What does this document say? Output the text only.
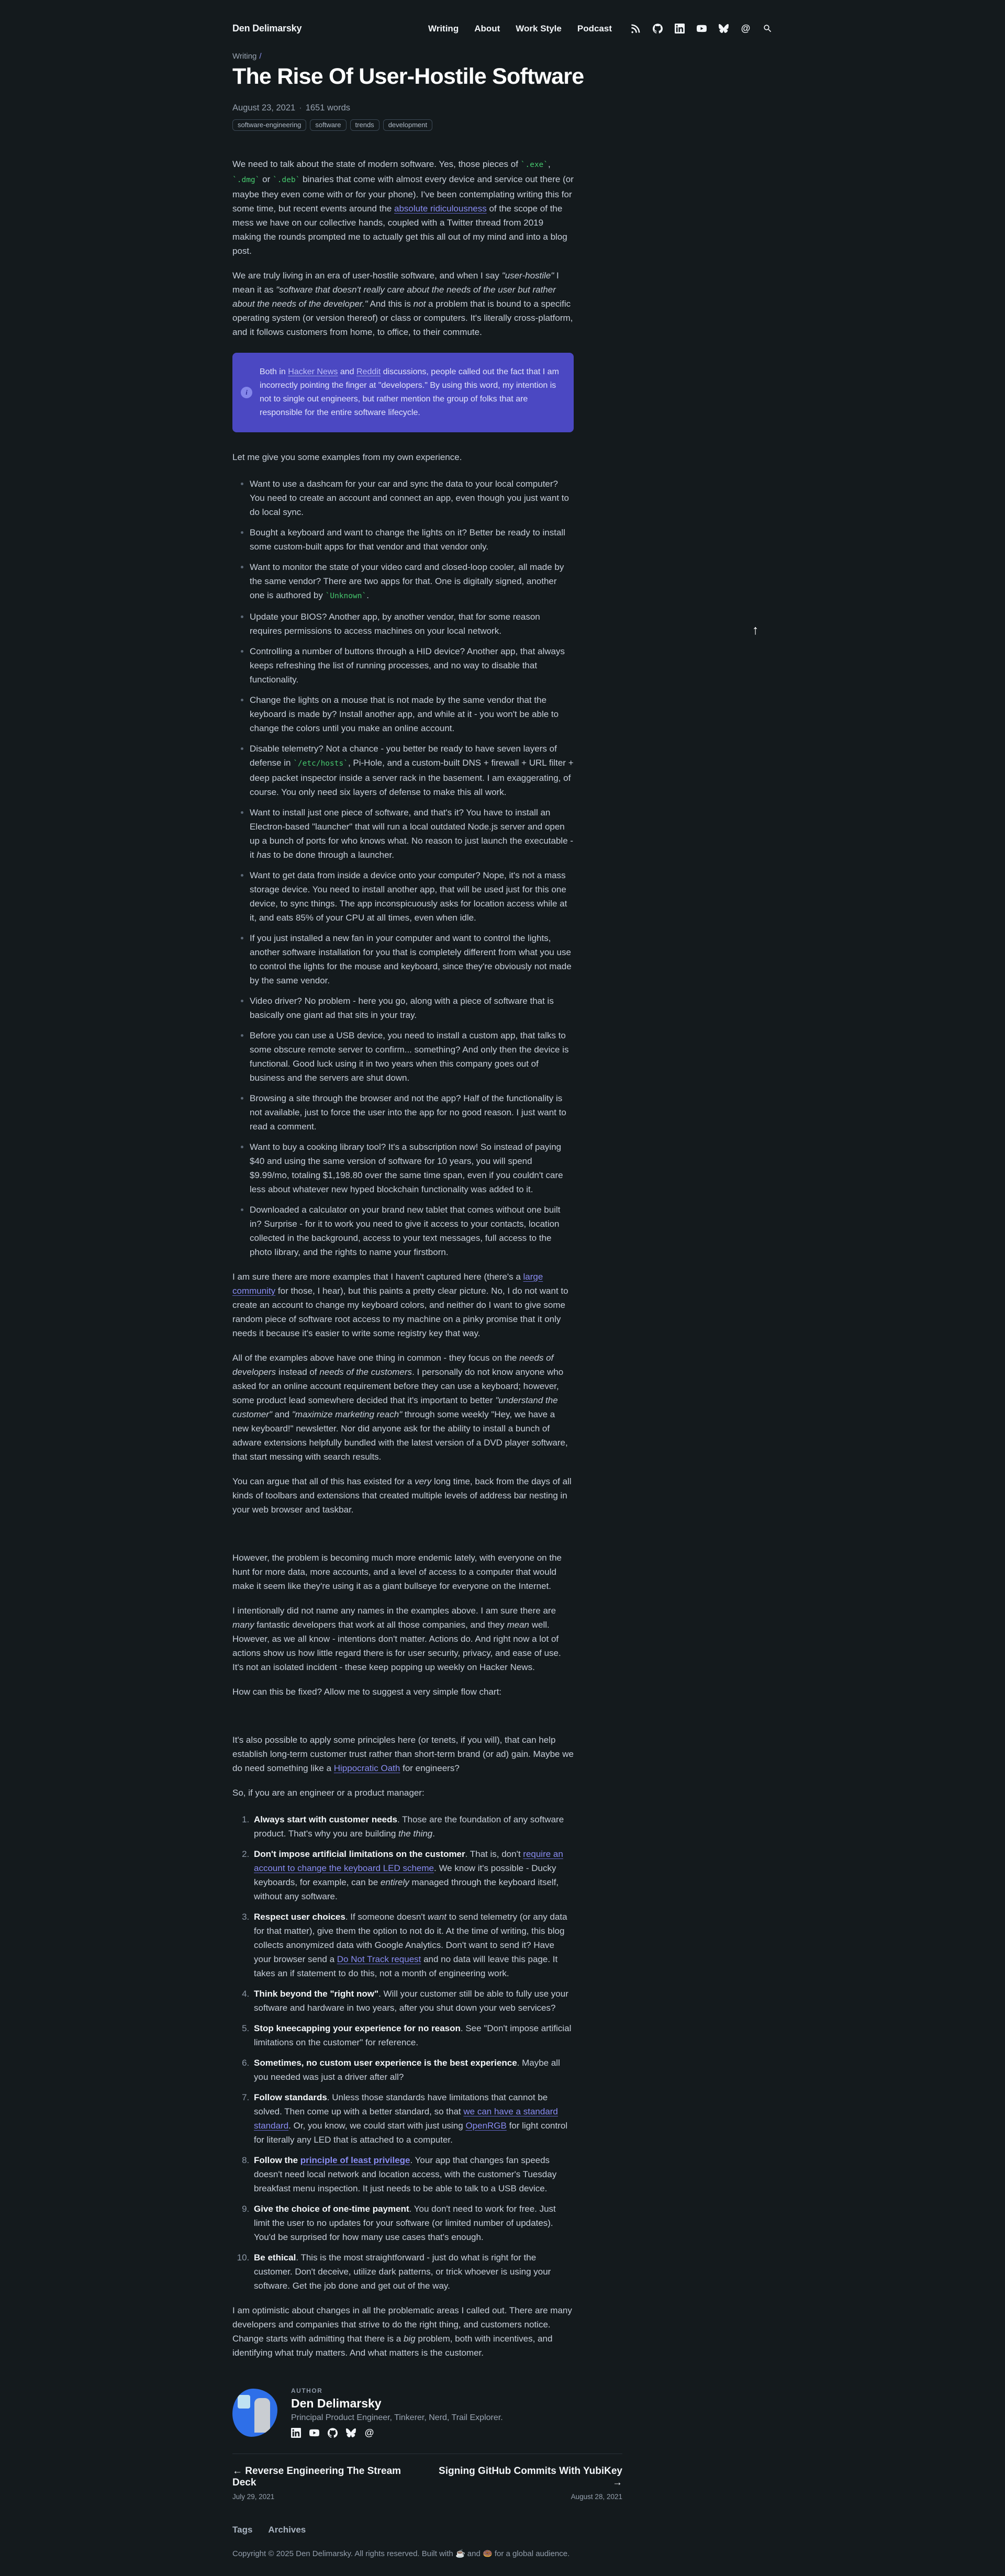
Den Delimarsky	Writing About Work Style Podcast	@
Writing /
The Rise Of User-Hostile Software
August 23, 2021 · 1651 words
software-engineering	software	trends	development

We need to talk about the state of modern software. Yes, those pieces of `.exe`, `.dmg` or `.deb` binaries that come with almost every device and service out there (or maybe they even come with or for your phone). I've been contemplating writing this for some time, but recent events around the absolute ridiculousness of the scope of the mess we have on our collective hands, coupled with a Twitter thread from 2019 making the rounds prompted me to actually get this all out of my mind and into a blog post.

We are truly living in an era of user-hostile software, and when I say "user-hostile" I mean it as "software that doesn't really care about the needs of the user but rather about the needs of the developer." And this is not a problem that is bound to a specific operating system (or version thereof) or class or computers. It's literally cross-platform, and it follows customers from home, to office, to their commute.

i
Both in Hacker News and Reddit discussions, people called out the fact that I am incorrectly pointing the finger at "developers." By using this word, my intention is not to single out engineers, but rather mention the group of folks that are responsible for the entire software lifecycle.

Let me give you some examples from my own experience.

Want to use a dashcam for your car and sync the data to your local computer? You need to create an account and connect an app, even though you just want to do local sync.
Bought a keyboard and want to change the lights on it? Better be ready to install some custom-built apps for that vendor and that vendor only.
Want to monitor the state of your video card and closed-loop cooler, all made by the same vendor? There are two apps for that. One is digitally signed, another one is authored by `Unknown`.
Update your BIOS? Another app, by another vendor, that for some reason requires permissions to access machines on your local network.
Controlling a number of buttons through a HID device? Another app, that always keeps refreshing the list of running processes, and no way to disable that functionality.
Change the lights on a mouse that is not made by the same vendor that the keyboard is made by? Install another app, and while at it - you won't be able to change the colors until you make an online account.
Disable telemetry? Not a chance - you better be ready to have seven layers of defense in `/etc/hosts`, Pi-Hole, and a custom-built DNS + firewall + URL filter + deep packet inspector inside a server rack in the basement. I am exaggerating, of course. You only need six layers of defense to make this all work.
Want to install just one piece of software, and that's it? You have to install an Electron-based "launcher" that will run a local outdated Node.js server and open up a bunch of ports for who knows what. No reason to just launch the executable - it has to be done through a launcher.
Want to get data from inside a device onto your computer? Nope, it's not a mass storage device. You need to install another app, that will be used just for this one device, to sync things. The app inconspicuously asks for location access while at it, and eats 85% of your CPU at all times, even when idle.
If you just installed a new fan in your computer and want to control the lights, another software installation for you that is completely different from what you use to control the lights for the mouse and keyboard, since they're obviously not made by the same vendor.
Video driver? No problem - here you go, along with a piece of software that is basically one giant ad that sits in your tray.
Before you can use a USB device, you need to install a custom app, that talks to some obscure remote server to confirm... something? And only then the device is functional. Good luck using it in two years when this company goes out of business and the servers are shut down.
Browsing a site through the browser and not the app? Half of the functionality is not available, just to force the user into the app for no good reason. I just want to read a comment.
Want to buy a cooking library tool? It's a subscription now! So instead of paying $40 and using the same version of software for 10 years, you will spend $9.99/mo, totaling $1,198.80 over the same time span, even if you couldn't care less about whatever new hyped blockchain functionality was added to it.
Downloaded a calculator on your brand new tablet that comes without one built in? Surprise - for it to work you need to give it access to your contacts, location collected in the background, access to your text messages, full access to the photo library, and the rights to name your firstborn.

I am sure there are more examples that I haven't captured here (there's a large community for those, I hear), but this paints a pretty clear picture. No, I do not want to create an account to change my keyboard colors, and neither do I want to give some random piece of software root access to my machine on a pinky promise that it only needs it because it's easier to write some registry key that way.

All of the examples above have one thing in common - they focus on the needs of developers instead of needs of the customers. I personally do not know anyone who asked for an online account requirement before they can use a keyboard; however, some product lead somewhere decided that it's important to better "understand the customer" and "maximize marketing reach" through some weekly "Hey, we have a new keyboard!" newsletter. Nor did anyone ask for the ability to install a bunch of adware extensions helpfully bundled with the latest version of a DVD player software, that start messing with search results.

You can argue that all of this has existed for a very long time, back from the days of all kinds of toolbars and extensions that created multiple levels of address bar nesting in your web browser and taskbar.

However, the problem is becoming much more endemic lately, with everyone on the hunt for more data, more accounts, and a level of access to a computer that would make it seem like they're using it as a giant bullseye for everyone on the Internet.

I intentionally did not name any names in the examples above. I am sure there are many fantastic developers that work at all those companies, and they mean well. However, as we all know - intentions don't matter. Actions do. And right now a lot of actions show us how little regard there is for user security, privacy, and ease of use. It's not an isolated incident - these keep popping up weekly on Hacker News.

How can this be fixed? Allow me to suggest a very simple flow chart:

It's also possible to apply some principles here (or tenets, if you will), that can help establish long-term customer trust rather than short-term brand (or ad) gain. Maybe we do need something like a Hippocratic Oath for engineers?

So, if you are an engineer or a product manager:

1. Always start with customer needs. Those are the foundation of any software product. That's why you are building the thing.
2. Don't impose artificial limitations on the customer. That is, don't require an account to change the keyboard LED scheme. We know it's possible - Ducky keyboards, for example, can be entirely managed through the keyboard itself, without any software.
3. Respect user choices. If someone doesn't want to send telemetry (or any data for that matter), give them the option to not do it. At the time of writing, this blog collects anonymized data with Google Analytics. Don't want to send it? Have your browser send a Do Not Track request and no data will leave this page. It takes an if statement to do this, not a month of engineering work.
4. Think beyond the "right now". Will your customer still be able to fully use your software and hardware in two years, after you shut down your web services?
5. Stop kneecapping your experience for no reason. See "Don't impose artificial limitations on the customer" for reference.
6. Sometimes, no custom user experience is the best experience. Maybe all you needed was just a driver after all?
7. Follow standards. Unless those standards have limitations that cannot be solved. Then come up with a better standard, so that we can have a standard standard. Or, you know, we could start with just using OpenRGB for light control for literally any LED that is attached to a computer.
8. Follow the principle of least privilege. Your app that changes fan speeds doesn't need local network and location access, with the customer's Tuesday breakfast menu inspection. It just needs to be able to talk to a USB device.
9. Give the choice of one-time payment. You don't need to work for free. Just limit the user to no updates for your software (or limited number of updates). You'd be surprised for how many use cases that's enough.
10. Be ethical. This is the most straightforward - just do what is right for the customer. Don't deceive, utilize dark patterns, or trick whoever is using your software. Get the job done and get out of the way.

I am optimistic about changes in all the problematic areas I called out. There are many developers and companies that strive to do the right thing, and customers notice. Change starts with admitting that there is a big problem, both with incentives, and identifying what truly matters. And what matters is the customer.

AUTHOR
Den Delimarsky
Principal Product Engineer, Tinkerer, Nerd, Trail Explorer.
@
← Reverse Engineering The Stream Deck
July 29, 2021
Signing GitHub Commits With YubiKey →
August 28, 2021
Tags Archives
Copyright © 2025 Den Delimarsky. All rights reserved. Built with ☕ and 🍩 for a global audience.
↑
